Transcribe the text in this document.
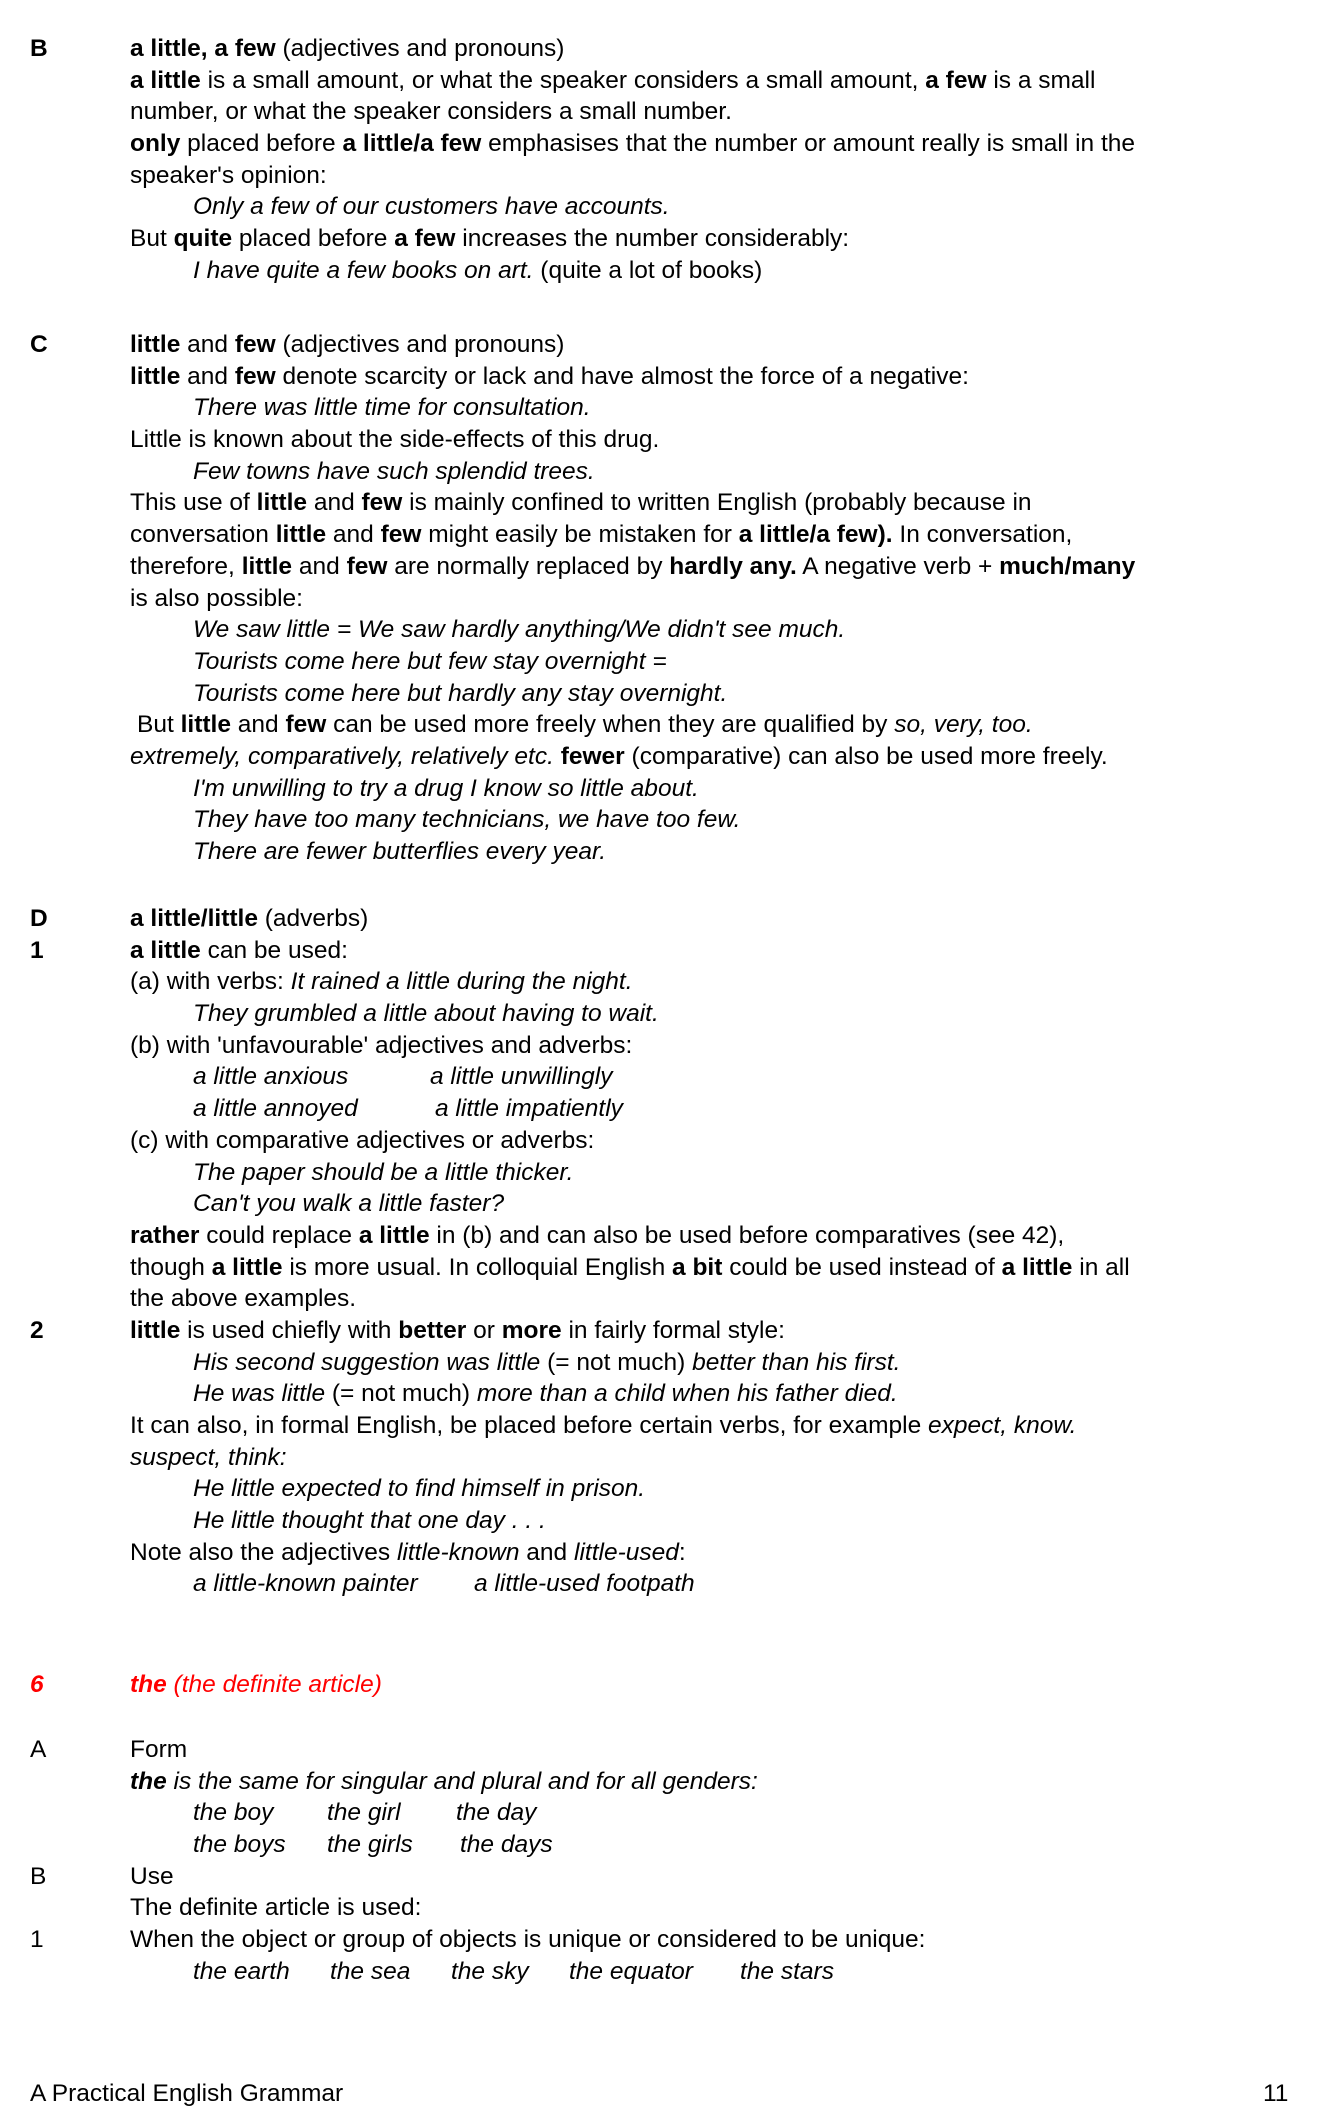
B	a little, a few (adjectives and pronouns)
a little is a small amount, or what the speaker considers a small amount, a few is a small
number, or what the speaker considers a small number.
only placed before a little/a few emphasises that the number or amount really is small in the
speaker's opinion:
Only a few of our customers have accounts.
But quite placed before a few increases the number considerably:
I have quite a few books on art. (quite a lot of books)
C	little and few (adjectives and pronouns)
little and few denote scarcity or lack and have almost the force of a negative:
There was little time for consultation.
Little is known about the side-effects of this drug.
Few towns have such splendid trees.
This use of little and few is mainly confined to written English (probably because in
conversation little and few might easily be mistaken for a little/a few). In conversation,
therefore, little and few are normally replaced by hardly any. A negative verb + much/many
is also possible:
We saw little = We saw hardly anything/We didn't see much.
Tourists come here but few stay overnight =
Tourists come here but hardly any stay overnight.
But little and few can be used more freely when they are qualified by so, very, too.
extremely, comparatively, relatively etc. fewer (comparative) can also be used more freely.
I'm unwilling to try a drug I know so little about.
They have too many technicians, we have too few.
There are fewer butterflies every year.
D	a little/little (adverbs)
1	a little can be used:
(a) with verbs: It rained a little during the night.
They grumbled a little about having to wait.
(b) with 'unfavourable' adjectives and adverbs:
a little anxious	a little unwillingly
a little annoyed	a little impatiently
(c) with comparative adjectives or adverbs:
The paper should be a little thicker.
Can't you walk a little faster?
rather could replace a little in (b) and can also be used before comparatives (see 42),
though a little is more usual. In colloquial English a bit could be used instead of a little in all
the above examples.
2	little is used chiefly with better or more in fairly formal style:
His second suggestion was little (= not much) better than his first.
He was little (= not much) more than a child when his father died.
It can also, in formal English, be placed before certain verbs, for example expect, know.
suspect, think:
He little expected to find himself in prison.
He little thought that one day . . .
Note also the adjectives little-known and little-used:
a little-known painter a little-used footpath
6	the (the definite article)
A	Form
the is the same for singular and plural and for all genders:
the boy the girl the day
the boys the girls the days
B	Use
The definite article is used:
1	When the object or group of objects is unique or considered to be unique:
the earth the sea the sky the equator the stars
A Practical English Grammar	11
